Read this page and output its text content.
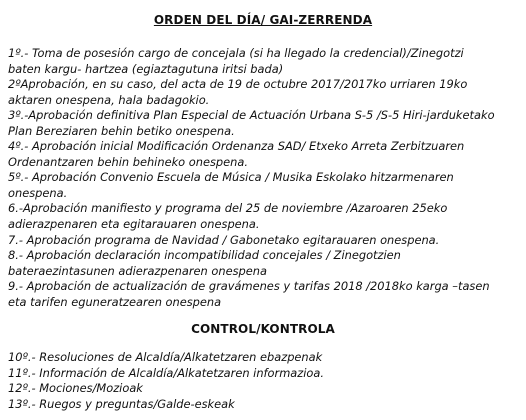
ORDEN DEL DÍA/ GAI-ZERRENDA
1º.- Toma de posesión cargo de concejala (si ha llegado la credencial)/Zinegotzi
baten kargu- hartzea (egiaztagutuna iritsi bada)
2ºAprobación, en su caso, del acta de 19 de octubre 2017/2017ko urriaren 19ko
aktaren onespena, hala badagokio.
3º.-Aprobación definitiva Plan Especial de Actuación Urbana S-5 /S-5 Hiri-jarduketako
Plan Bereziaren behin betiko onespena.
4º.- Aprobación inicial Modificación Ordenanza SAD/ Etxeko Arreta Zerbitzuaren
Ordenantzaren behin behineko onespena.
5º.- Aprobación Convenio Escuela de Música / Musika Eskolako hitzarmenaren
onespena.
6.-Aprobación manifiesto y programa del 25 de noviembre /Azaroaren 25eko
adierazpenaren eta egitarauaren onespena.
7.- Aprobación programa de Navidad / Gabonetako egitarauaren onespena.
8.- Aprobación declaración incompatibilidad concejales / Zinegotzien
bateraezintasunen adierazpenaren onespena
9.- Aprobación de actualización de gravámenes y tarifas 2018 /2018ko karga –tasen
eta tarifen eguneratzearen onespena
CONTROL/KONTROLA
10º.- Resoluciones de Alcaldía/Alkatetzaren ebazpenak
11º.- Información de Alcaldía/Alkatetzaren informazioa.
12º.- Mociones/Mozioak
13º.- Ruegos y preguntas/Galde-eskeak
